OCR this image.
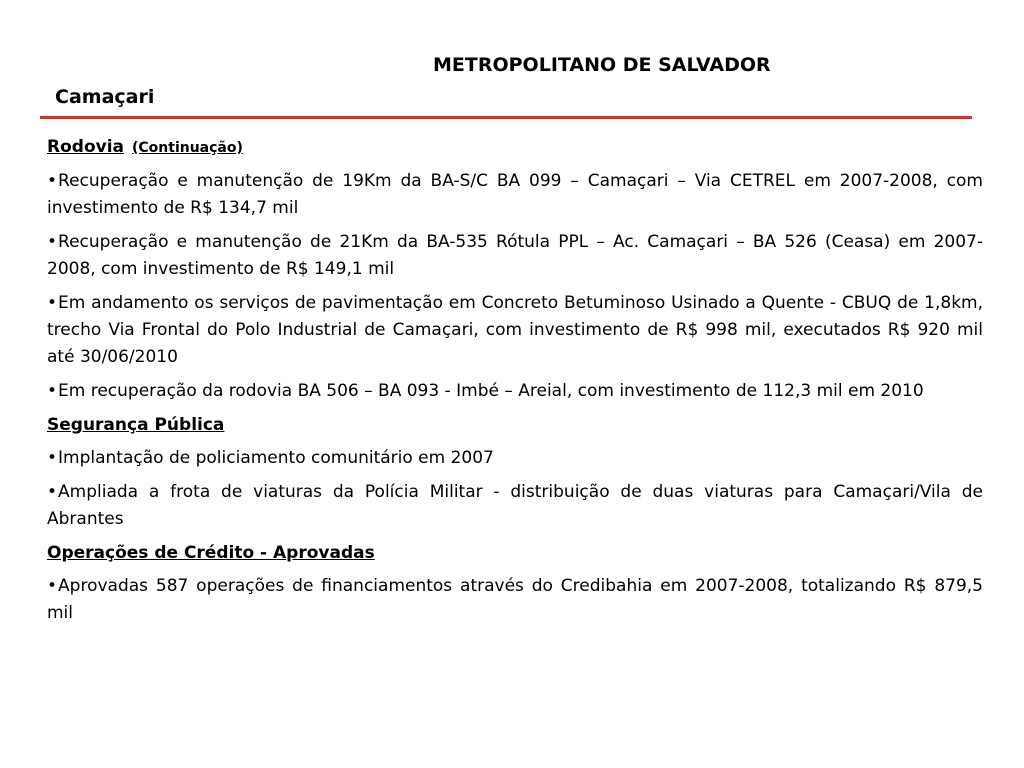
METROPOLITANO DE SALVADOR
Camaçari
Rodovia (Continuação)

•Recuperação e manutenção de 19Km da BA-S/C BA 099 – Camaçari – Via CETREL em 2007-2008, com investimento de R$ 134,7 mil

•Recuperação e manutenção de 21Km da BA-535 Rótula PPL – Ac. Camaçari – BA 526 (Ceasa) em 2007-2008, com investimento de R$ 149,1 mil

•Em andamento os serviços de pavimentação em Concreto Betuminoso Usinado a Quente - CBUQ de 1,8km, trecho Via Frontal do Polo Industrial de Camaçari, com investimento de R$ 998 mil, executados R$ 920 mil até 30/06/2010

•Em recuperação da rodovia BA 506 – BA 093 - Imbé – Areial, com investimento de 112,3 mil em 2010

Segurança Pública

•Implantação de policiamento comunitário em 2007

•Ampliada a frota de viaturas da Polícia Militar - distribuição de duas viaturas para Camaçari/Vila de Abrantes

Operações de Crédito - Aprovadas

•Aprovadas 587 operações de financiamentos através do Credibahia em 2007-2008, totalizando R$ 879,5 mil
